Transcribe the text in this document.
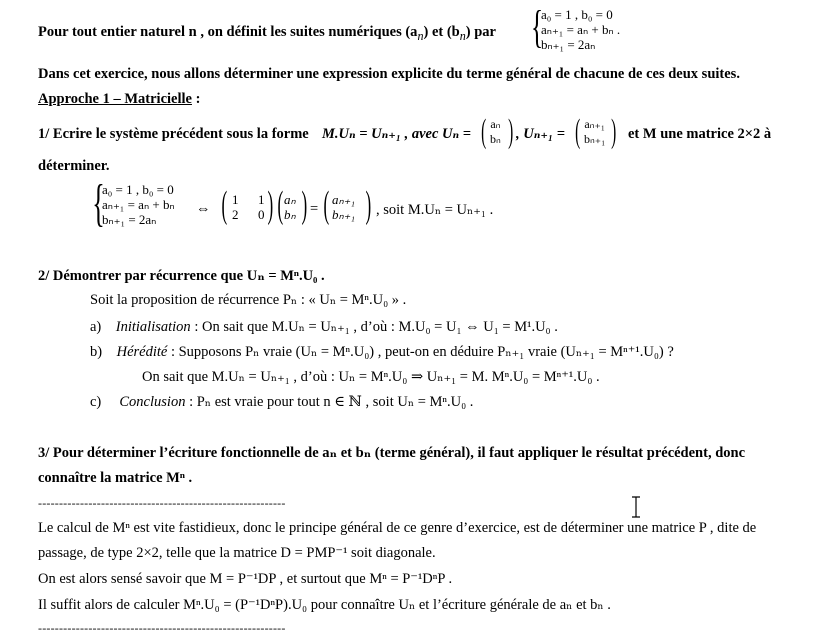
Pour tout entier naturel n , on définit les suites numériques $(a_n)$ et $(b_n)$ par {
a₀ = 1 , b₀ = 0
aₙ₊₁ = aₙ + bₙ .
bₙ₊₁ = 2aₙ
Dans cet exercice, nous allons déterminer une expression explicite du terme général de chacune de ces deux suites.
Approche 1 – Matricielle :
1/ Ecrire le système précédent sous la forme M.Uₙ = Uₙ₊₁ , avec Uₙ = ( aₙ
bₙ ) , Uₙ₊₁ = ( aₙ₊₁
bₙ₊₁ ) et M une matrice 2×2 à
déterminer.
{
a₀ = 1 , b₀ = 0
aₙ₊₁ = aₙ + bₙ
bₙ₊₁ = 2aₙ
⇔ ( 1 1
2 0 ) ( aₙ
bₙ ) = ( aₙ₊₁
bₙ₊₁ ) , soit M.Uₙ = Uₙ₊₁ .
2/ Démontrer par récurrence que Uₙ = Mⁿ.U₀ .
Soit la proposition de récurrence Pₙ : « Uₙ = Mⁿ.U₀ » .
a) Initialisation : On sait que M.Uₙ = Uₙ₊₁ , d’où : M.U₀ = U₁ ⇔ U₁ = M¹.U₀ .
b) Hérédité : Supposons Pₙ vraie (Uₙ = Mⁿ.U₀) , peut-on en déduire Pₙ₊₁ vraie (Uₙ₊₁ = Mⁿ⁺¹.U₀) ?
On sait que M.Uₙ = Uₙ₊₁ , d’où : Uₙ = Mⁿ.U₀ ⇒ Uₙ₊₁ = M. Mⁿ.U₀ = Mⁿ⁺¹.U₀ .
c) Conclusion : Pₙ est vraie pour tout n ∈ ℕ , soit Uₙ = Mⁿ.U₀ .
3/ Pour déterminer l’écriture fonctionnelle de aₙ et bₙ (terme général), il faut appliquer le résultat précédent, donc
connaître la matrice Mⁿ .
-----------------------------------------------------------
Le calcul de Mⁿ est vite fastidieux, donc le principe général de ce genre d’exercice, est de déterminer une matrice P , dite de
passage, de type 2×2, telle que la matrice D = PMP⁻¹ soit diagonale.
On est alors sensé savoir que M = P⁻¹DP , et surtout que Mⁿ = P⁻¹DⁿP .
Il suffit alors de calculer Mⁿ.U₀ = (P⁻¹DⁿP).U₀ pour connaître Uₙ et l’écriture générale de aₙ et bₙ .
-----------------------------------------------------------
